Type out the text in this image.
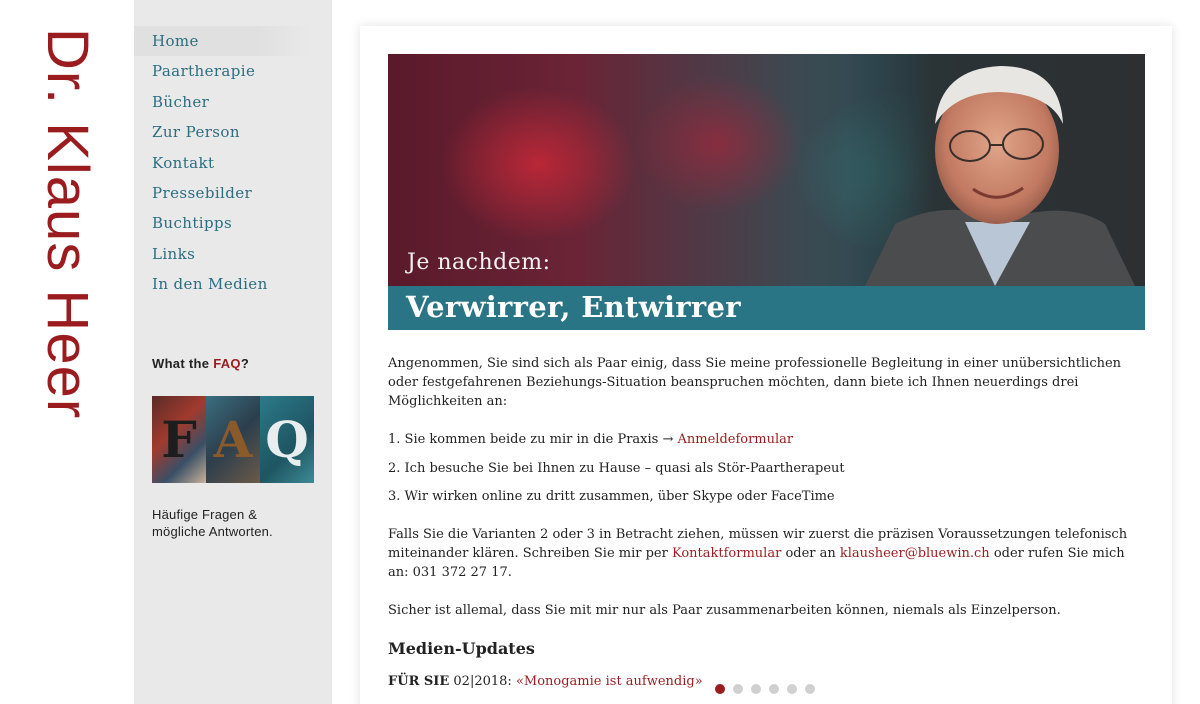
Dr. Klaus Heer	Home
Paartherapie
Bücher
Zur Person
Kontakt
Pressebilder
Buchtipps
Links
In den Medien
What the FAQ?
F A Q
Häufige Fragen & mögliche Antworten.
Je nachdem:
Verwirrer, Entwirrer

Angenommen, Sie sind sich als Paar einig, dass Sie meine professionelle Begleitung in einer unübersichtlichen oder festgefahrenen Beziehungs-Situation beanspruchen möchten, dann biete ich Ihnen neuerdings drei Möglichkeiten an:

1. Sie kommen beide zu mir in die Praxis → Anmeldeformular
2. Ich besuche Sie bei Ihnen zu Hause – quasi als Stör-Paartherapeut
3. Wir wirken online zu dritt zusammen, über Skype oder FaceTime

Falls Sie die Varianten 2 oder 3 in Betracht ziehen, müssen wir zuerst die präzisen Voraussetzungen telefonisch miteinander klären. Schreiben Sie mir per Kontaktformular oder an klausheer@bluewin.ch oder rufen Sie mich an: 031 372 27 17.

Sicher ist allemal, dass Sie mit mir nur als Paar zusammenarbeiten können, niemals als Einzelperson.

Medien-Updates
FÜR SIE 02|2018: «Monogamie ist aufwendig»
